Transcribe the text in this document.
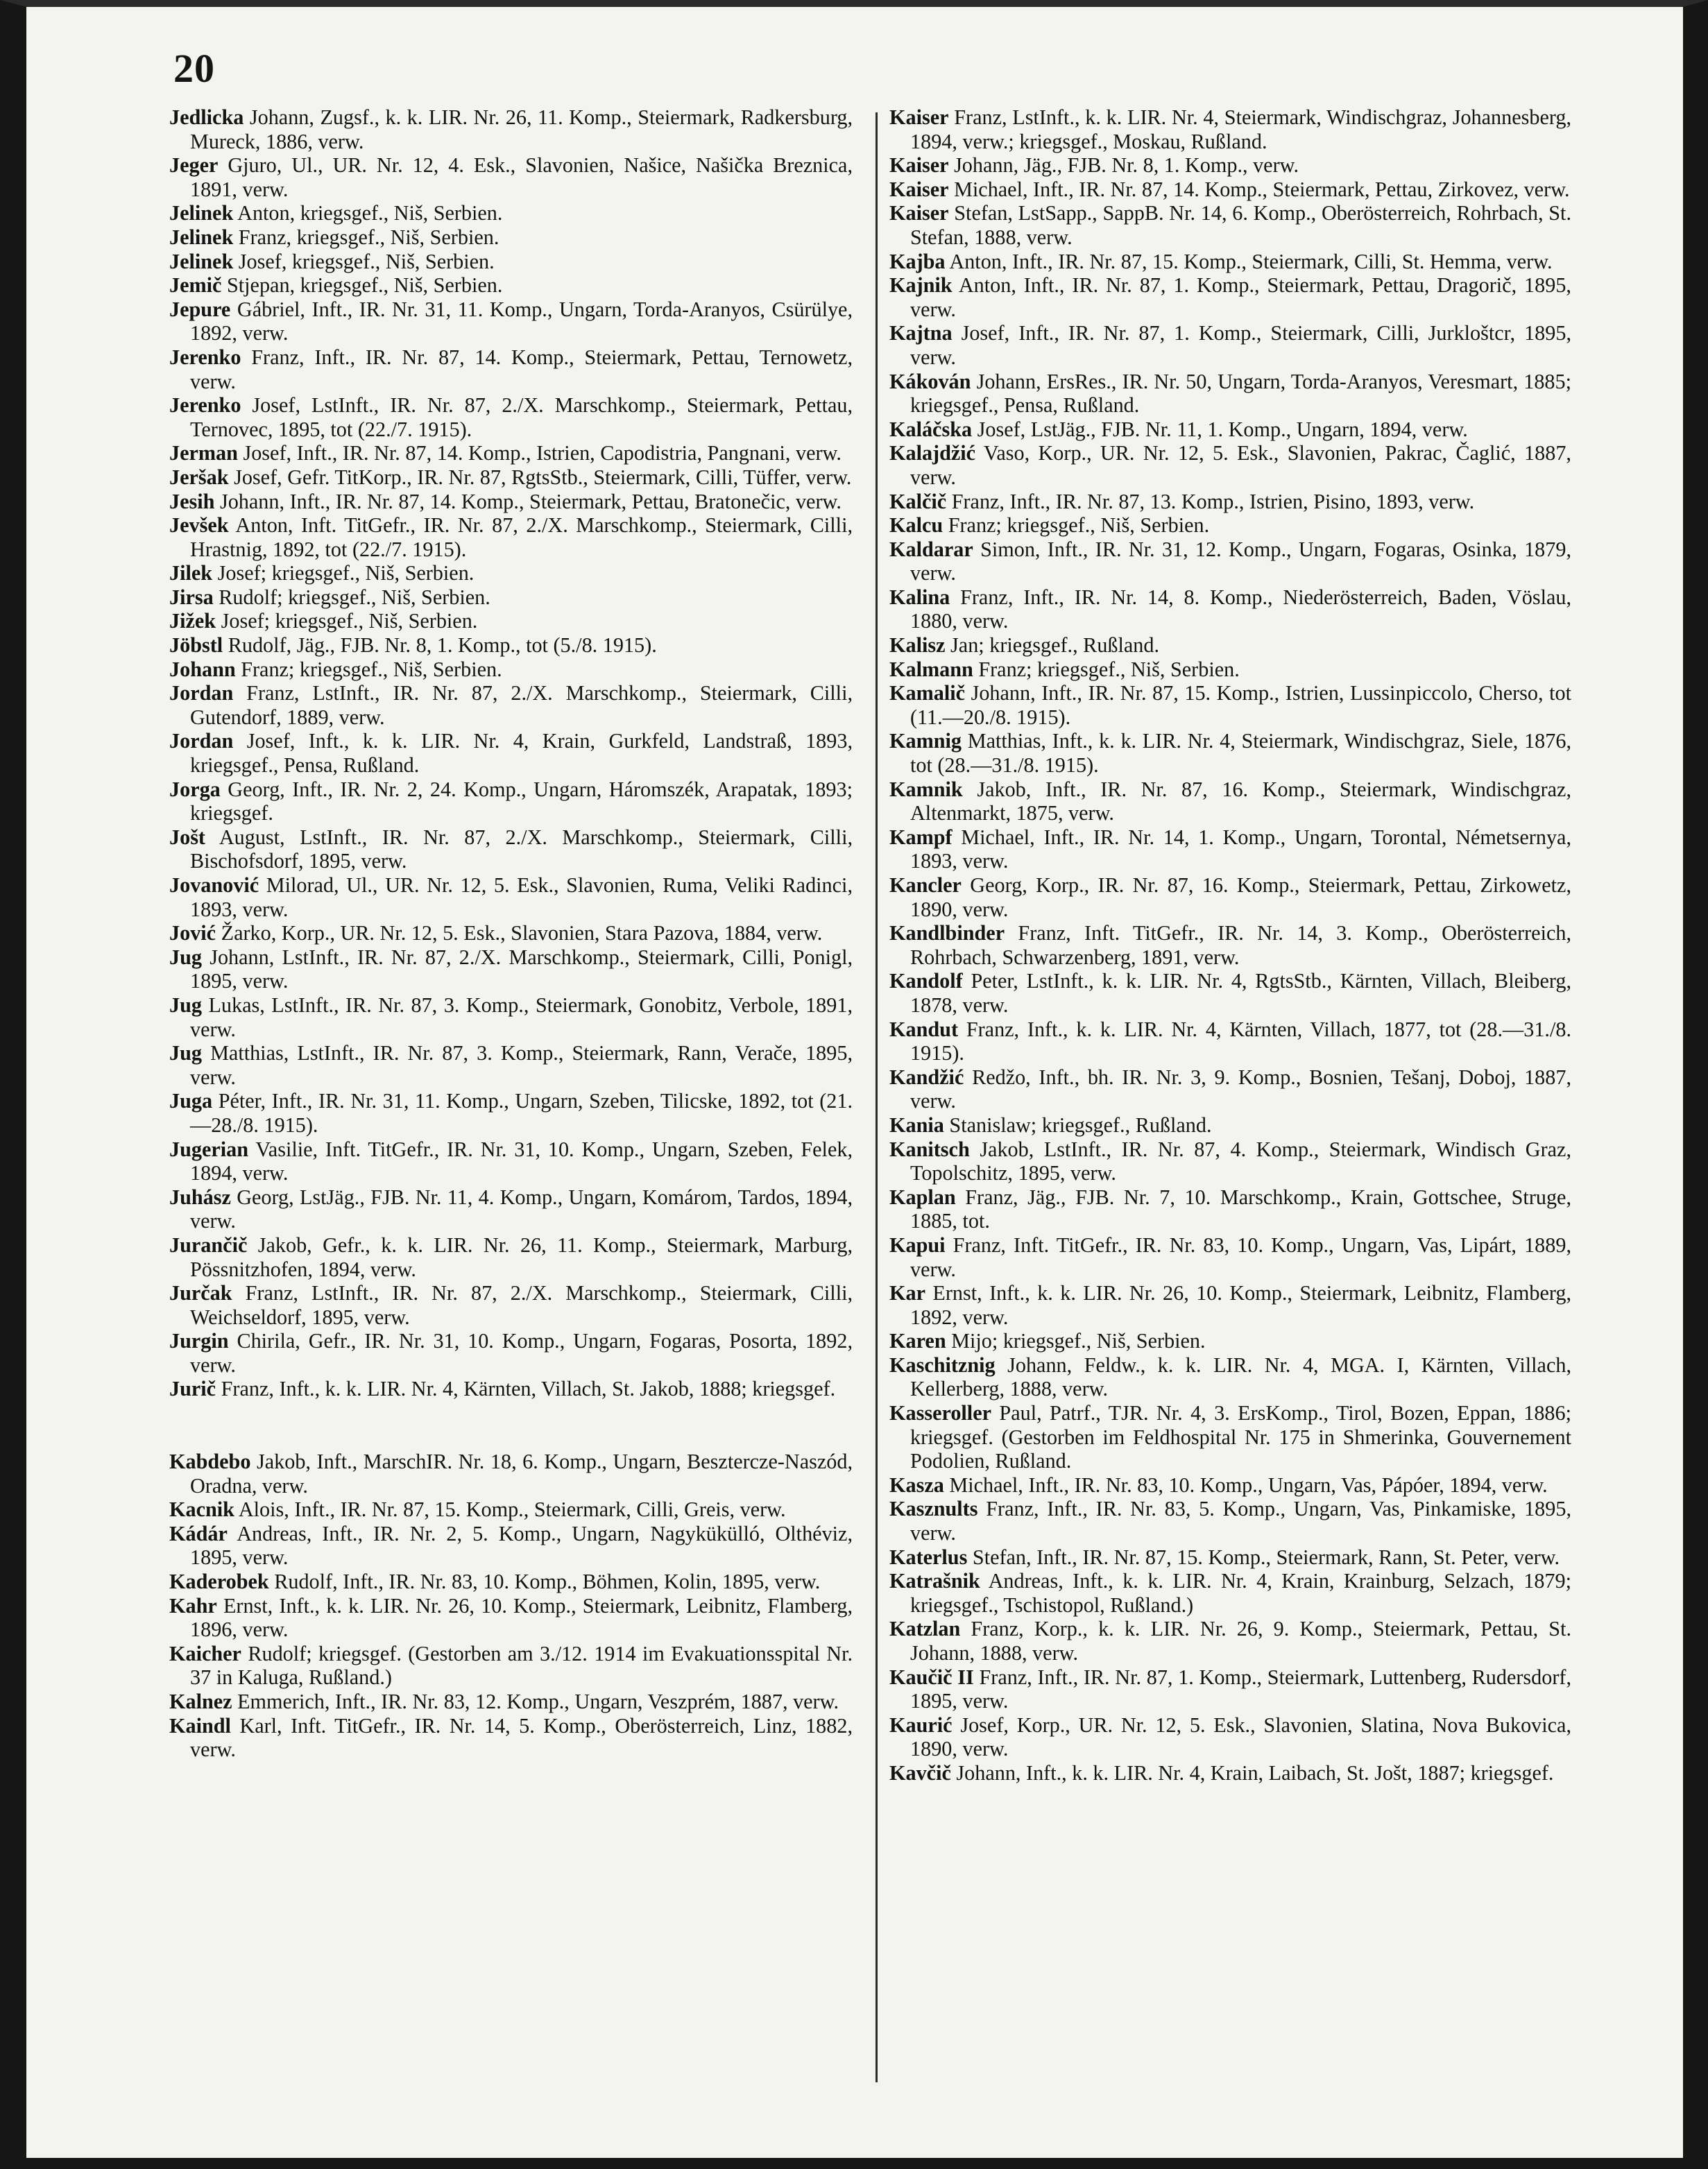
20
Jedlicka Johann, Zugsf., k. k. LIR. Nr. 26, 11. Komp., Steiermark, Radkersburg, Mureck, 1886, verw.
Jeger Gjuro, Ul., UR. Nr. 12, 4. Esk., Slavonien, Našice, Našička Breznica, 1891, verw.
Jelinek Anton, kriegsgef., Niš, Serbien.
Jelinek Franz, kriegsgef., Niš, Serbien.
Jelinek Josef, kriegsgef., Niš, Serbien.
Jemič Stjepan, kriegsgef., Niš, Serbien.
Jepure Gábriel, Inft., IR. Nr. 31, 11. Komp., Ungarn, Torda-Aranyos, Csürülye, 1892, verw.
Jerenko Franz, Inft., IR. Nr. 87, 14. Komp., Steiermark, Pettau, Ternowetz, verw.
Jerenko Josef, LstInft., IR. Nr. 87, 2./X. Marschkomp., Steiermark, Pettau, Ternovec, 1895, tot (22./7. 1915).
Jerman Josef, Inft., IR. Nr. 87, 14. Komp., Istrien, Capodistria, Pangnani, verw.
Jeršak Josef, Gefr. TitKorp., IR. Nr. 87, RgtsStb., Steiermark, Cilli, Tüffer, verw.
Jesih Johann, Inft., IR. Nr. 87, 14. Komp., Steiermark, Pettau, Bratonečic, verw.
Jevšek Anton, Inft. TitGefr., IR. Nr. 87, 2./X. Marschkomp., Steiermark, Cilli, Hrastnig, 1892, tot (22./7. 1915).
Jilek Josef; kriegsgef., Niš, Serbien.
Jirsa Rudolf; kriegsgef., Niš, Serbien.
Jižek Josef; kriegsgef., Niš, Serbien.
Jöbstl Rudolf, Jäg., FJB. Nr. 8, 1. Komp., tot (5./8. 1915).
Johann Franz; kriegsgef., Niš, Serbien.
Jordan Franz, LstInft., IR. Nr. 87, 2./X. Marschkomp., Steiermark, Cilli, Gutendorf, 1889, verw.
Jordan Josef, Inft., k. k. LIR. Nr. 4, Krain, Gurkfeld, Landstraß, 1893, kriegsgef., Pensa, Rußland.
Jorga Georg, Inft., IR. Nr. 2, 24. Komp., Ungarn, Háromszék, Arapatak, 1893; kriegsgef.
Jošt August, LstInft., IR. Nr. 87, 2./X. Marschkomp., Steiermark, Cilli, Bischofsdorf, 1895, verw.
Jovanović Milorad, Ul., UR. Nr. 12, 5. Esk., Slavonien, Ruma, Veliki Radinci, 1893, verw.
Jović Žarko, Korp., UR. Nr. 12, 5. Esk., Slavonien, Stara Pazova, 1884, verw.
Jug Johann, LstInft., IR. Nr. 87, 2./X. Marschkomp., Steiermark, Cilli, Ponigl, 1895, verw.
Jug Lukas, LstInft., IR. Nr. 87, 3. Komp., Steiermark, Gonobitz, Verbole, 1891, verw.
Jug Matthias, LstInft., IR. Nr. 87, 3. Komp., Steiermark, Rann, Verače, 1895, verw.
Juga Péter, Inft., IR. Nr. 31, 11. Komp., Ungarn, Szeben, Tilicske, 1892, tot (21.—28./8. 1915).
Jugerian Vasilie, Inft. TitGefr., IR. Nr. 31, 10. Komp., Ungarn, Szeben, Felek, 1894, verw.
Juhász Georg, LstJäg., FJB. Nr. 11, 4. Komp., Ungarn, Komárom, Tardos, 1894, verw.
Jurančič Jakob, Gefr., k. k. LIR. Nr. 26, 11. Komp., Steiermark, Marburg, Pössnitzhofen, 1894, verw.
Jurčak Franz, LstInft., IR. Nr. 87, 2./X. Marschkomp., Steiermark, Cilli, Weichseldorf, 1895, verw.
Jurgin Chirila, Gefr., IR. Nr. 31, 10. Komp., Ungarn, Fogaras, Posorta, 1892, verw.
Jurič Franz, Inft., k. k. LIR. Nr. 4, Kärnten, Villach, St. Jakob, 1888; kriegsgef.
Kabdebo Jakob, Inft., MarschIR. Nr. 18, 6. Komp., Ungarn, Besztercze-Naszód, Oradna, verw.
Kacnik Alois, Inft., IR. Nr. 87, 15. Komp., Steiermark, Cilli, Greis, verw.
Kádár Andreas, Inft., IR. Nr. 2, 5. Komp., Ungarn, Nagykükülló, Olthéviz, 1895, verw.
Kaderobek Rudolf, Inft., IR. Nr. 83, 10. Komp., Böhmen, Kolin, 1895, verw.
Kahr Ernst, Inft., k. k. LIR. Nr. 26, 10. Komp., Steiermark, Leibnitz, Flamberg, 1896, verw.
Kaicher Rudolf; kriegsgef. (Gestorben am 3./12. 1914 im Evakuationsspital Nr. 37 in Kaluga, Rußland.)
Kalnez Emmerich, Inft., IR. Nr. 83, 12. Komp., Ungarn, Veszprém, 1887, verw.
Kaindl Karl, Inft. TitGefr., IR. Nr. 14, 5. Komp., Oberösterreich, Linz, 1882, verw.
Kaiser Franz, LstInft., k. k. LIR. Nr. 4, Steiermark, Windischgraz, Johannesberg, 1894, verw.; kriegsgef., Moskau, Rußland.
Kaiser Johann, Jäg., FJB. Nr. 8, 1. Komp., verw.
Kaiser Michael, Inft., IR. Nr. 87, 14. Komp., Steiermark, Pettau, Zirkovez, verw.
Kaiser Stefan, LstSapp., SappB. Nr. 14, 6. Komp., Oberösterreich, Rohrbach, St. Stefan, 1888, verw.
Kajba Anton, Inft., IR. Nr. 87, 15. Komp., Steiermark, Cilli, St. Hemma, verw.
Kajnik Anton, Inft., IR. Nr. 87, 1. Komp., Steiermark, Pettau, Dragorič, 1895, verw.
Kajtna Josef, Inft., IR. Nr. 87, 1. Komp., Steiermark, Cilli, Jurkloštcr, 1895, verw.
Kákován Johann, ErsRes., IR. Nr. 50, Ungarn, Torda-Aranyos, Veresmart, 1885; kriegsgef., Pensa, Rußland.
Kaláčska Josef, LstJäg., FJB. Nr. 11, 1. Komp., Ungarn, 1894, verw.
Kalajdžić Vaso, Korp., UR. Nr. 12, 5. Esk., Slavonien, Pakrac, Čaglić, 1887, verw.
Kalčič Franz, Inft., IR. Nr. 87, 13. Komp., Istrien, Pisino, 1893, verw.
Kalcu Franz; kriegsgef., Niš, Serbien.
Kaldarar Simon, Inft., IR. Nr. 31, 12. Komp., Ungarn, Fogaras, Osinka, 1879, verw.
Kalina Franz, Inft., IR. Nr. 14, 8. Komp., Niederösterreich, Baden, Vöslau, 1880, verw.
Kalisz Jan; kriegsgef., Rußland.
Kalmann Franz; kriegsgef., Niš, Serbien.
Kamalič Johann, Inft., IR. Nr. 87, 15. Komp., Istrien, Lussinpiccolo, Cherso, tot (11.—20./8. 1915).
Kamnig Matthias, Inft., k. k. LIR. Nr. 4, Steiermark, Windischgraz, Siele, 1876, tot (28.—31./8. 1915).
Kamnik Jakob, Inft., IR. Nr. 87, 16. Komp., Steiermark, Windischgraz, Altenmarkt, 1875, verw.
Kampf Michael, Inft., IR. Nr. 14, 1. Komp., Ungarn, Torontal, Németsernya, 1893, verw.
Kancler Georg, Korp., IR. Nr. 87, 16. Komp., Steiermark, Pettau, Zirkowetz, 1890, verw.
Kandlbinder Franz, Inft. TitGefr., IR. Nr. 14, 3. Komp., Oberösterreich, Rohrbach, Schwarzenberg, 1891, verw.
Kandolf Peter, LstInft., k. k. LIR. Nr. 4, RgtsStb., Kärnten, Villach, Bleiberg, 1878, verw.
Kandut Franz, Inft., k. k. LIR. Nr. 4, Kärnten, Villach, 1877, tot (28.—31./8. 1915).
Kandžić Redžo, Inft., bh. IR. Nr. 3, 9. Komp., Bosnien, Tešanj, Doboj, 1887, verw.
Kania Stanislaw; kriegsgef., Rußland.
Kanitsch Jakob, LstInft., IR. Nr. 87, 4. Komp., Steiermark, Windisch Graz, Topolschitz, 1895, verw.
Kaplan Franz, Jäg., FJB. Nr. 7, 10. Marschkomp., Krain, Gottschee, Struge, 1885, tot.
Kapui Franz, Inft. TitGefr., IR. Nr. 83, 10. Komp., Ungarn, Vas, Lipárt, 1889, verw.
Kar Ernst, Inft., k. k. LIR. Nr. 26, 10. Komp., Steiermark, Leibnitz, Flamberg, 1892, verw.
Karen Mijo; kriegsgef., Niš, Serbien.
Kaschitznig Johann, Feldw., k. k. LIR. Nr. 4, MGA. I, Kärnten, Villach, Kellerberg, 1888, verw.
Kasseroller Paul, Patrf., TJR. Nr. 4, 3. ErsKomp., Tirol, Bozen, Eppan, 1886; kriegsgef. (Gestorben im Feldhospital Nr. 175 in Shmerinka, Gouvernement Podolien, Rußland.
Kasza Michael, Inft., IR. Nr. 83, 10. Komp., Ungarn, Vas, Pápóer, 1894, verw.
Kasznults Franz, Inft., IR. Nr. 83, 5. Komp., Ungarn, Vas, Pinkamiske, 1895, verw.
Katerlus Stefan, Inft., IR. Nr. 87, 15. Komp., Steiermark, Rann, St. Peter, verw.
Katrašnik Andreas, Inft., k. k. LIR. Nr. 4, Krain, Krainburg, Selzach, 1879; kriegsgef., Tschistopol, Rußland.)
Katzlan Franz, Korp., k. k. LIR. Nr. 26, 9. Komp., Steiermark, Pettau, St. Johann, 1888, verw.
Kaučič II Franz, Inft., IR. Nr. 87, 1. Komp., Steiermark, Luttenberg, Rudersdorf, 1895, verw.
Kaurić Josef, Korp., UR. Nr. 12, 5. Esk., Slavonien, Slatina, Nova Bukovica, 1890, verw.
Kavčič Johann, Inft., k. k. LIR. Nr. 4, Krain, Laibach, St. Jošt, 1887; kriegsgef.
